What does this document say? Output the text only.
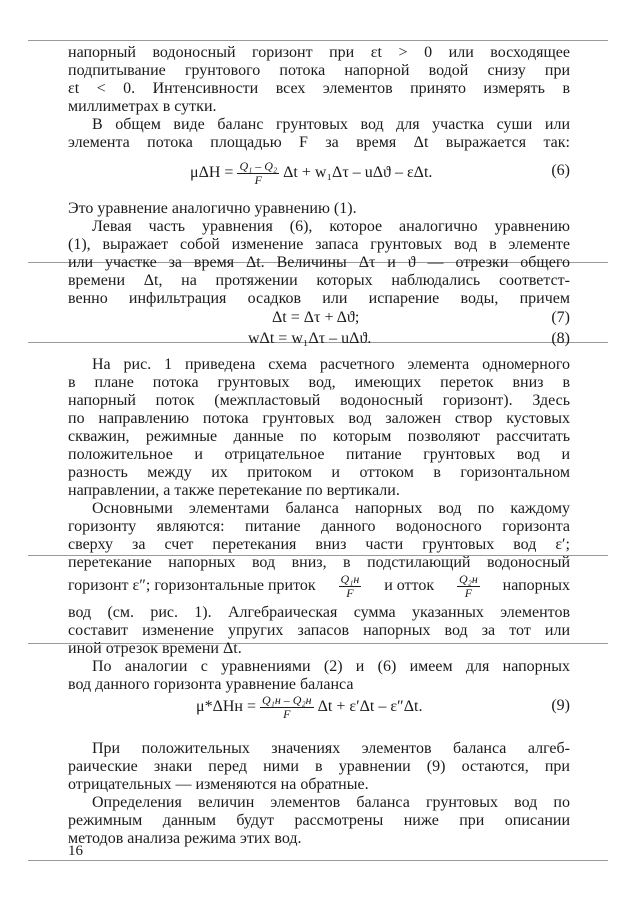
напорный водоносный горизонт при εt > 0 или восходящее
подпитывание грунтового потока напорной водой снизу при
εt < 0. Интенсивности всех элементов принято измерять в
миллиметрах в сутки.
В общем виде баланс грунтовых вод для участка суши или
элемента потока площадью F за время Δt выражается так:
$\mu\Delta H = \frac{\text{Q₁ – Q₂}}{F}$ Δt + w₁Δτ – uΔϑ – εΔt.	(6)
Это уравнение аналогично уравнению (1).
Левая часть уравнения (6), которое аналогично уравнению
(1), выражает собой изменение запаса грунтовых вод в элементе
или участке за время Δt. Величины Δτ и ϑ — отрезки общего
времени Δt, на протяжении которых наблюдались соответст-
венно инфильтрация осадков или испарение воды, причем
Δt = Δτ + Δϑ;	(7)
wΔt = w₁Δτ – uΔϑ.	(8)
На рис. 1 приведена схема расчетного элемента одномерного
в плане потока грунтовых вод, имеющих переток вниз в
напорный поток (межпластовый водоносный горизонт). Здесь
по направлению потока грунтовых вод заложен створ кустовых
скважин, режимные данные по которым позволяют рассчитать
положительное и отрицательное питание грунтовых вод и
разность между их притоком и оттоком в горизонтальном
направлении, а также перетекание по вертикали.
Основными элементами баланса напорных вод по каждому
горизонту являются: питание данного водоносного горизонта
сверху за счет перетекания вниз части грунтовых вод ε′;
перетекание напорных вод вниз, в подстилающий водоносный
горизонт ε″; горизонтальные приток $\frac{\text{Q₁н}}{F}$ и отток $\frac{\text{Q₂н}}{F}$ напорных
вод (см. рис. 1). Алгебраическая сумма указанных элементов
составит изменение упругих запасов напорных вод за тот или
иной отрезок времени Δt.
По аналогии с уравнениями (2) и (6) имеем для напорных
вод данного горизонта уравнение баланса
$\mu*\Delta Hн = \frac{\text{Q₁н – Q₂н}}{F}$ Δt + ε′Δt – ε″Δt.	(9)
При положительных значениях элементов баланса алгеб-
раические знаки перед ними в уравнении (9) остаются, при
отрицательных — изменяются на обратные.
Определения величин элементов баланса грунтовых вод по
режимным данным будут рассмотрены ниже при описании
методов анализа режима этих вод.
16
